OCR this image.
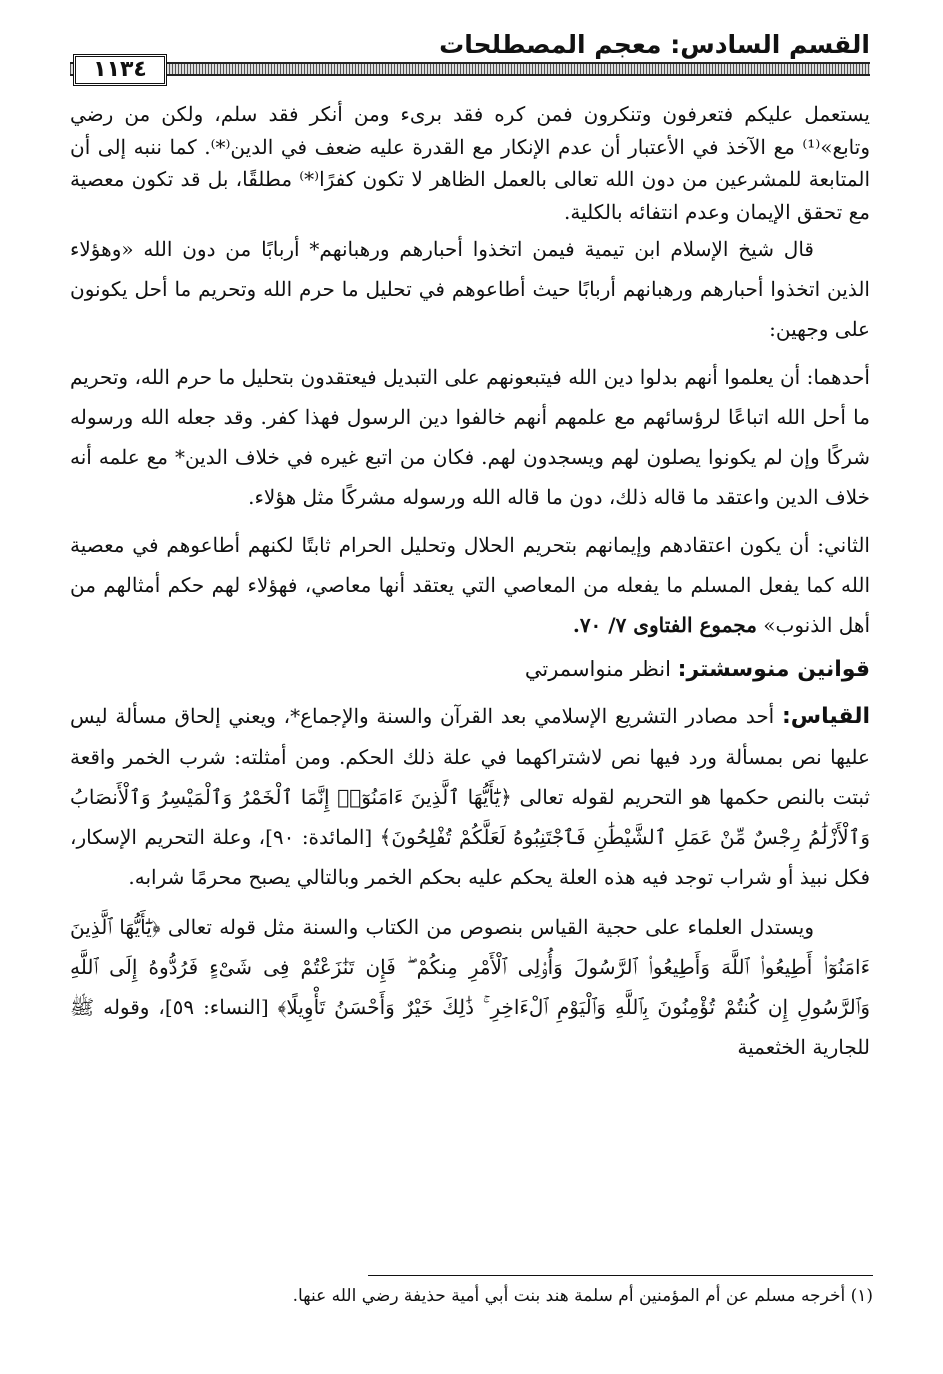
القسم السادس: معجم المصطلحات
١١٣٤

يستعمل عليكم فتعرفون وتنكرون فمن كره فقد برىء ومن أنكر فقد سلم، ولكن من رضي وتابع»⁽¹⁾ مع الآخذ في الأعتبار أن عدم الإنكار مع القدرة عليه ضعف في الدين⁽*⁾. كما ننبه إلى أن المتابعة للمشرعين من دون الله تعالى بالعمل الظاهر لا تكون كفرًا⁽*⁾ مطلقًا، بل قد تكون معصية مع تحقق الإيمان وعدم انتفائه بالكلية.

قال شيخ الإسلام ابن تيمية فيمن اتخذوا أحبارهم ورهبانهم* أربابًا من دون الله «وهؤلاء الذين اتخذوا أحبارهم ورهبانهم أربابًا حيث أطاعوهم في تحليل ما حرم الله وتحريم ما أحل يكونون على وجهين:

أحدهما: أن يعلموا أنهم بدلوا دين الله فيتبعونهم على التبديل فيعتقدون بتحليل ما حرم الله، وتحريم ما أحل الله اتباعًا لرؤسائهم مع علمهم أنهم خالفوا دين الرسول فهذا كفر. وقد جعله الله ورسوله شركًا وإن لم يكونوا يصلون لهم ويسجدون لهم. فكان من اتبع غيره في خلاف الدين* مع علمه أنه خلاف الدين واعتقد ما قاله ذلك، دون ما قاله الله ورسوله مشركًا مثل هؤلاء.

الثاني: أن يكون اعتقادهم وإيمانهم بتحريم الحلال وتحليل الحرام ثابتًا لكنهم أطاعوهم في معصية الله كما يفعل المسلم ما يفعله من المعاصي التي يعتقد أنها معاصي، فهؤلاء لهم حكم أمثالهم من أهل الذنوب» مجموع الفتاوى ٧/ ٧٠.

قوانين منوسشتر: انظر منواسمرتي

القياس: أحد مصادر التشريع الإسلامي بعد القرآن والسنة والإجماع*، ويعني إلحاق مسألة ليس عليها نص بمسألة ورد فيها نص لاشتراكهما في علة ذلك الحكم. ومن أمثلته: شرب الخمر واقعة ثبتت بالنص حكمها هو التحريم لقوله تعالى ﴿يَٰٓأَيُّهَا ٱلَّذِينَ ءَامَنُوٓا۟ إِنَّمَا ٱلْخَمْرُ وَٱلْمَيْسِرُ وَٱلْأَنصَابُ وَٱلْأَزْلَٰمُ رِجْسٌ مِّنْ عَمَلِ ٱلشَّيْطَٰنِ فَٱجْتَنِبُوهُ لَعَلَّكُمْ تُفْلِحُونَ﴾ [المائدة: ٩٠]، وعلة التحريم الإسكار، فكل نبيذ أو شراب توجد فيه هذه العلة يحكم عليه بحكم الخمر وبالتالي يصبح محرمًا شرابه.

ويستدل العلماء على حجية القياس بنصوص من الكتاب والسنة مثل قوله تعالى ﴿يَٰٓأَيُّهَا ٱلَّذِينَ ءَامَنُوٓا۟ أَطِيعُوا۟ ٱللَّهَ وَأَطِيعُوا۟ ٱلرَّسُولَ وَأُو۟لِى ٱلْأَمْرِ مِنكُمْ ۖ فَإِن تَنَٰزَعْتُمْ فِى شَىْءٍ فَرُدُّوهُ إِلَى ٱللَّهِ وَٱلرَّسُولِ إِن كُنتُمْ تُؤْمِنُونَ بِٱللَّهِ وَٱلْيَوْمِ ٱلْءَاخِرِ ۚ ذَٰلِكَ خَيْرٌ وَأَحْسَنُ تَأْوِيلًا﴾ [النساء: ٥٩]، وقوله ﷺ للجارية الخثعمية

(١) أخرجه مسلم عن أم المؤمنين أم سلمة هند بنت أبي أمية حذيفة رضي الله عنها.
